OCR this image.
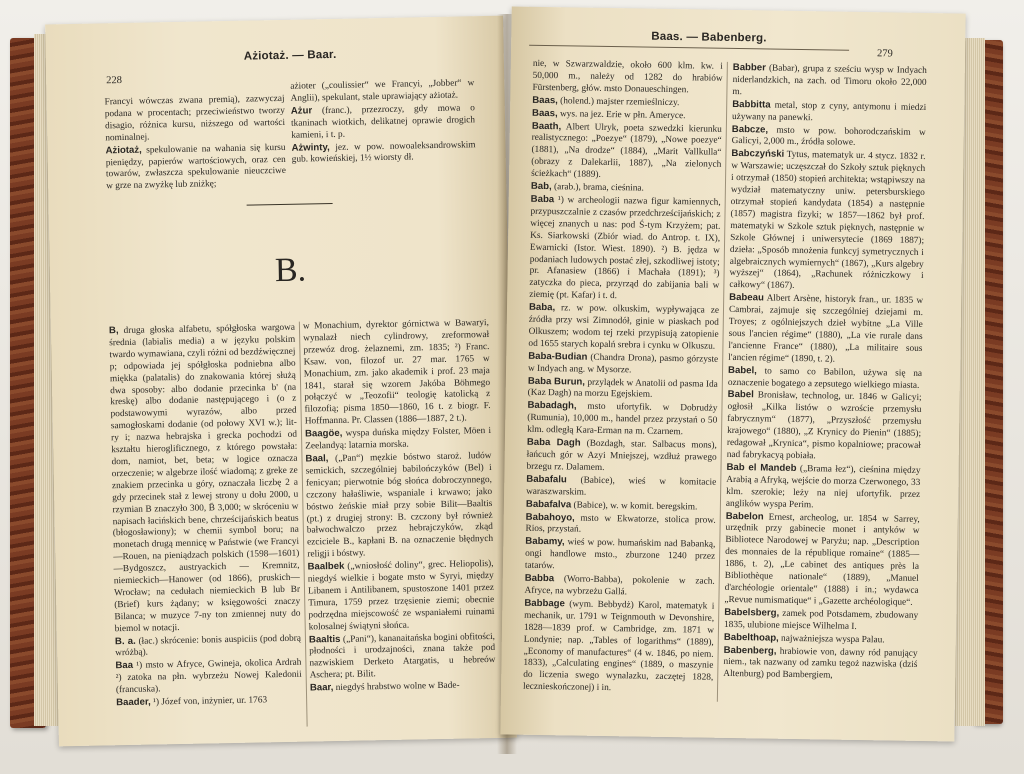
228
Ażiotaż. — Baar.

Francyi wówczas zwana premią), zazwyczaj podana w procentach; przeciwieństwo tworzy disagio, różnica kursu, niższego od wartości nominalnej.

Ażiotaż, spekulowanie na wahania się kursu pieniędzy, papierów wartościowych, oraz cen towarów, zwłaszcza spekulowanie nieuczciwe w grze na zwyżkę lub zniżkę;

ażioter („coulissier“ we Francyi, „Jobber“ w Anglii), spekulant, stale uprawiający ażiotaż.

Ażur (franc.), przezroczy, gdy mowa o tkaninach wiotkich, delikatnej oprawie drogich kamieni, i t. p.

Ażwinty, jez. w pow. nowoaleksandrowskim gub. kowieńskiej, 1½ wiorsty dł.

B.

B, druga głoska alfabetu, spółgłoska wargowa średnia (labialis media) a w języku polskim twardo wymawiana, czyli różni od bezdźwięcznej p; odpowiada jej spółgłoska podniebna albo miękka (palatalis) do znakowania której służą dwa sposoby: albo dodanie przecinka b' (na kreskę) albo dodanie następującego i (o z podstawowymi wyrazów, albo przed samogłoskami dodanie (od połowy XVI w.); lit-ry i; nazwa hebrajska i grecka pochodzi od kształtu hieroglificznego, z którego powstała: dom, namiot, bet, beta; w logice oznacza orzeczenie; w algebrze ilość wiadomą; z greke ze znakiem przecinka u góry, oznaczała liczbę 2 a gdy przecinek stał z lewej strony u dołu 2000, u rzymian B znaczyło 300, B̄ 3,000; w skróceniu w napisach łacińskich bene, chrześcijańskich beatus (błogosławiony); w chemii symbol boru; na monetach drugą mennicę w Państwie (we Francyi—Rouen, na pieniądzach polskich (1598—1601)—Bydgoszcz, austryackich — Kremnitz, niemieckich—Hanower (od 1866), pruskich—Wrocław; na cedułach niemieckich B lub Br (Brief) kurs żądany; w księgowości znaczy Bilanca; w muzyce 7-ny ton zmiennej nuty do biemol w notacji.

B. a. (łac.) skrócenie: bonis auspiciis (pod dobrą wróżbą).

Baa ¹) msto w Afryce, Gwineja, okolica Ardrah ²) zatoka na płn. wybrzeżu Nowej Kaledonii (francuska).

Baader, ¹) Józef von, inżynier, ur. 1763

w Monachium, dyrektor górnictwa w Bawaryi, wynalazł niech cylindrowy, zreformował przewóz drog. żelaznemi, zm. 1835; ²) Franc. Ksaw. von, filozof ur. 27 mar. 1765 w Monachium, zm. jako akademik i prof. 23 maja 1841, starał się wzorem Jakóba Böhmego połączyć w „Teozofii“ teologię katolicką z filozofią; pisma 1850—1860, 16 t. z biogr. F. Hoffmanna. Pr. Classen (1886—1887, 2 t.).

Baagöe, wyspa duńska między Folster, Möen i Zeelandyą: latarnia morska.

Baal, („Pan“) męzkie bóstwo staroż. ludów semickich, szczególniej babilończyków (Bel) i fenicyan; pierwotnie bóg słońca dobroczynnego, czczony hałaśliwie, wspaniale i krwawo; jako bóstwo żeńskie miał przy sobie Bilit—Baaltis (pt.) z drugiej strony: B. czczony był również bałwochwalczo przez hebrajczyków, zkąd ezciciele B., kapłani B. na oznaczenie błędnych religji i bóstwy.

Baalbek („wniosłość doliny“, grec. Heliopolis), niegdyś wielkie i bogate msto w Syryi, między Libanem i Antilibanem, spustoszone 1401 przez Timura, 1759 przez trzęsienie ziemi; obecnie podrzędna miejscowość ze wspaniałemi ruinami kolosalnej świątyni słońca.

Baaltis („Pani“), kananaitańska bogini obfitości, płodności i urodzajności, znana także pod nazwiskiem Derketo Atargatis, u hebreów Aschera; pt. Bilit.

Baar, niegdyś hrabstwo wolne w Bade-

Baas. — Babenberg.
279

nie, w Szwarzwaldzie, około 600 klm. kw. i 50,000 m., należy od 1282 do hrabiów Fürstenberg, głów. msto Donaueschingen.

Baas, (holend.) majster rzemieślniczy.

Baas, wys. na jez. Erie w płn. Ameryce.

Baath, Albert Ulryk, poeta szwedzki kierunku realistycznego: „Poezye“ (1879), „Nowe poezye“ (1881), „Na drodze“ (1884), „Marit Vallkulla“ (obrazy z Dalekarlii, 1887), „Na zielonych ścieżkach“ (1889).

Bab, (arab.), brama, cieśnina.

Baba ¹) w archeologii nazwa figur kamiennych, przypuszczalnie z czasów przedchrześcijańskich; z więcej znanych u nas: pod Ś-tym Krzyżem; pat. Ks. Siarkowski (Zbiór wiad. do Antrop. t. IX), Ewarnicki (Istor. Wiest. 1890). ²) B. jędza w podaniach ludowych postać złej, szkodliwej istoty; pr. Afanasiew (1866) i Machała (1891); ³) zatyczka do pieca, przyrząd do zabijania bali w ziemię (pt. Kafar) i t. d.

Baba, rz. w pow. olkuskim, wypływająca ze źródła przy wsi Zimnodół, ginie w piaskach pod Olkuszem; wodom tej rzeki przypisują zatopienie od 1655 starych kopalń srebra i cynku w Olkuszu.

Baba-Budian (Chandra Drona), pasmo górzyste w Indyach ang. w Mysorze.

Baba Burun, przylądek w Anatolii od pasma Ida (Kaz Dagh) na morzu Egejskiem.

Babadagh, msto ufortyfik. w Dobrudży (Rumunia), 10,000 m., handel przez przystań o 50 klm. odległą Kara-Erman na m. Czarnem.

Baba Dagh (Bozdagh, star. Salbacus mons), łańcuch gór w Azyi Mniejszej, wzdłuż prawego brzegu rz. Dalamem.

Babafalu (Babice), wieś w komitacie waraszwarskim.

Babafalva (Babice), w. w komit. beregskim.

Babahoyo, msto w Ekwatorze, stolica prow. Rios, przystań.

Babamy, wieś w pow. humańskim nad Babanką, ongi handlowe msto., zburzone 1240 przez tatarów.

Babba (Worro-Babba), pokolenie w zach. Afryce, na wybrzeżu Gallá.

Babbage (wym. Bebbydż) Karol, matematyk i mechanik, ur. 1791 w Teignmouth w Devonshire, 1828—1839 prof. w Cambridge, zm. 1871 w Londynie; nap. „Tables of logarithms“ (1889), „Economy of manufactures“ (4 w. 1846, po niem. 1833), „Calculating engines“ (1889, o maszynie do liczenia swego wynalazku, zaczętej 1828, lecznieskończonej) i in.

Babber (Babar), grupa z sześciu wysp w Indyach niderlandzkich, na zach. od Timoru około 22,000 m.

Babbitta metal, stop z cyny, antymonu i miedzi używany na panewki.

Babcze, msto w pow. bohorodczańskim w Galicyi, 2,000 m., źródła solowe.

Babczyński Tytus, matematyk ur. 4 stycz. 1832 r. w Warszawie; uczęszczał do Szkoły sztuk pięknych i otrzymał (1850) stopień architekta; wstąpiwszy na wydział matematyczny uniw. petersburskiego otrzymał stopień kandydata (1854) a następnie (1857) magistra fizyki; w 1857—1862 był prof. matematyki w Szkole sztuk pięknych, następnie w Szkole Głównej i uniwersytecie (1869 1887); dzieła: „Sposób mnożenia funkcyj symetrycznych i algebraicznych wymiernych“ (1867), „Kurs algebry wyższej“ (1864), „Rachunek różniczkowy i całkowy“ (1867).

Babeau Albert Arsène, historyk fran., ur. 1835 w Cambrai, zajmuje się szczególniej dziejami m. Troyes; z ogólniejszych dzieł wybitne „La Ville sous l'ancien régime“ (1880), „La vie rurale dans l'ancienne France“ (1880), „La militaire sous l'ancien régime“ (1890, t. 2).

Babel, to samo co Babilon, używa się na oznaczenie bogatego a zepsutego wielkiego miasta.

Babel Bronisław, technolog, ur. 1846 w Galicyi; ogłosił „Kilka listów o wzroście przemysłu fabrycznym“ (1877), „Przyszłość przemysłu krajowego“ (1880), „Z Krynicy do Pienin“ (1885); redagował „Krynica“, pismo kopalniowe; pracował nad fabrykacyą pobiała.

Bab el Mandeb („Brama łez“), cieśnina między Arabią a Afryką, wejście do morza Czerwonego, 33 klm. szerokie; leży na niej ufortyfik. przez anglików wyspa Perim.

Babelon Ernest, archeolog, ur. 1854 w Sarrey, urzędnik przy gabinecie monet i antyków w Bibliotece Narodowej w Paryżu; nap. „Description des monnaies de la république romaine“ (1885—1886, t. 2), „Le cabinet des antiques près la Bibliothèque nationale“ (1889), „Manuel d'archéologie orientale“ (1888) i in.; wydawca „Revue numismatique“ i „Gazette archéologique“.

Babelsberg, zamek pod Potsdamem, zbudowany 1835, ulubione miejsce Wilhelma I.

Babelthoap, najważniejsza wyspa Palau.

Babenberg, hrabiowie von, dawny ród panujący niem., tak nazwany od zamku tegoż nazwiska (dziś Altenburg) pod Bambergiem,
